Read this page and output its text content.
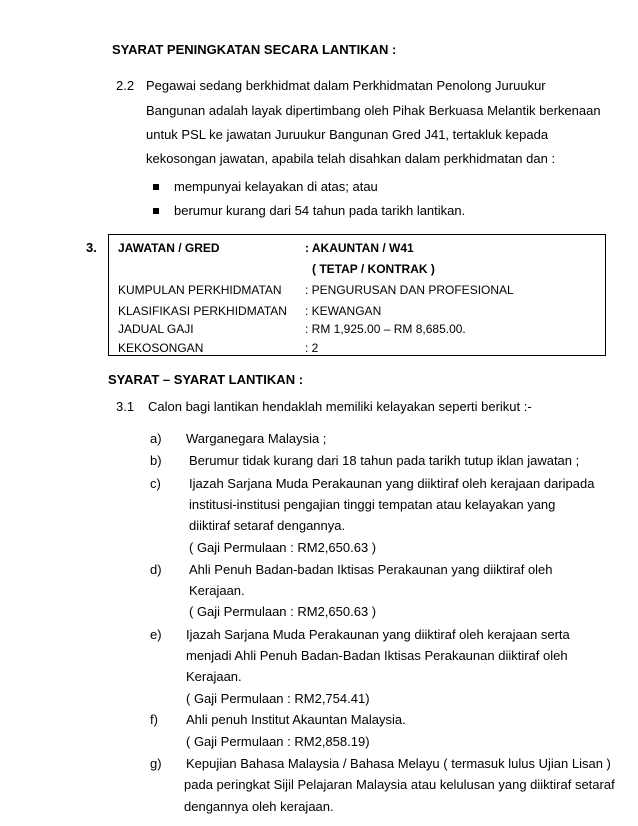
SYARAT PENINGKATAN SECARA LANTIKAN :
2.2 Pegawai sedang berkhidmat dalam Perkhidmatan Penolong Juruukur
Bangunan adalah layak dipertimbang oleh Pihak Berkuasa Melantik berkenaan
untuk PSL ke jawatan Juruukur Bangunan Gred J41, tertakluk kepada
kekosongan jawatan, apabila telah disahkan dalam perkhidmatan dan :
mempunyai kelayakan di atas; atau
berumur kurang dari 54 tahun pada tarikh lantikan.
3. JAWATAN / GRED	: AKAUNTAN / W41
( TETAP / KONTRAK )
KUMPULAN PERKHIDMATAN : PENGURUSAN DAN PROFESIONAL
KLASIFIKASI PERKHIDMATAN : KEWANGAN
JADUAL GAJI	: RM 1,925.00 – RM 8,685.00.
KEKOSONGAN	: 2
SYARAT – SYARAT LANTIKAN :
3.1 Calon bagi lantikan hendaklah memiliki kelayakan seperti berikut :-
a) Warganegara Malaysia ;
b) Berumur tidak kurang dari 18 tahun pada tarikh tutup iklan jawatan ;
c) Ijazah Sarjana Muda Perakaunan yang diiktiraf oleh kerajaan daripada
institusi-institusi pengajian tinggi tempatan atau kelayakan yang
diiktiraf setaraf dengannya.
( Gaji Permulaan : RM2,650.63 )
d) Ahli Penuh Badan-badan Iktisas Perakaunan yang diiktiraf oleh
Kerajaan.
( Gaji Permulaan : RM2,650.63 )
e) Ijazah Sarjana Muda Perakaunan yang diiktiraf oleh kerajaan serta
menjadi Ahli Penuh Badan-Badan Iktisas Perakaunan diiktiraf oleh
Kerajaan.
( Gaji Permulaan : RM2,754.41)
f) Ahli penuh Institut Akauntan Malaysia.
( Gaji Permulaan : RM2,858.19)
g) Kepujian Bahasa Malaysia / Bahasa Melayu ( termasuk lulus Ujian Lisan )
pada peringkat Sijil Pelajaran Malaysia atau kelulusan yang diiktiraf setaraf
dengannya oleh kerajaan.
